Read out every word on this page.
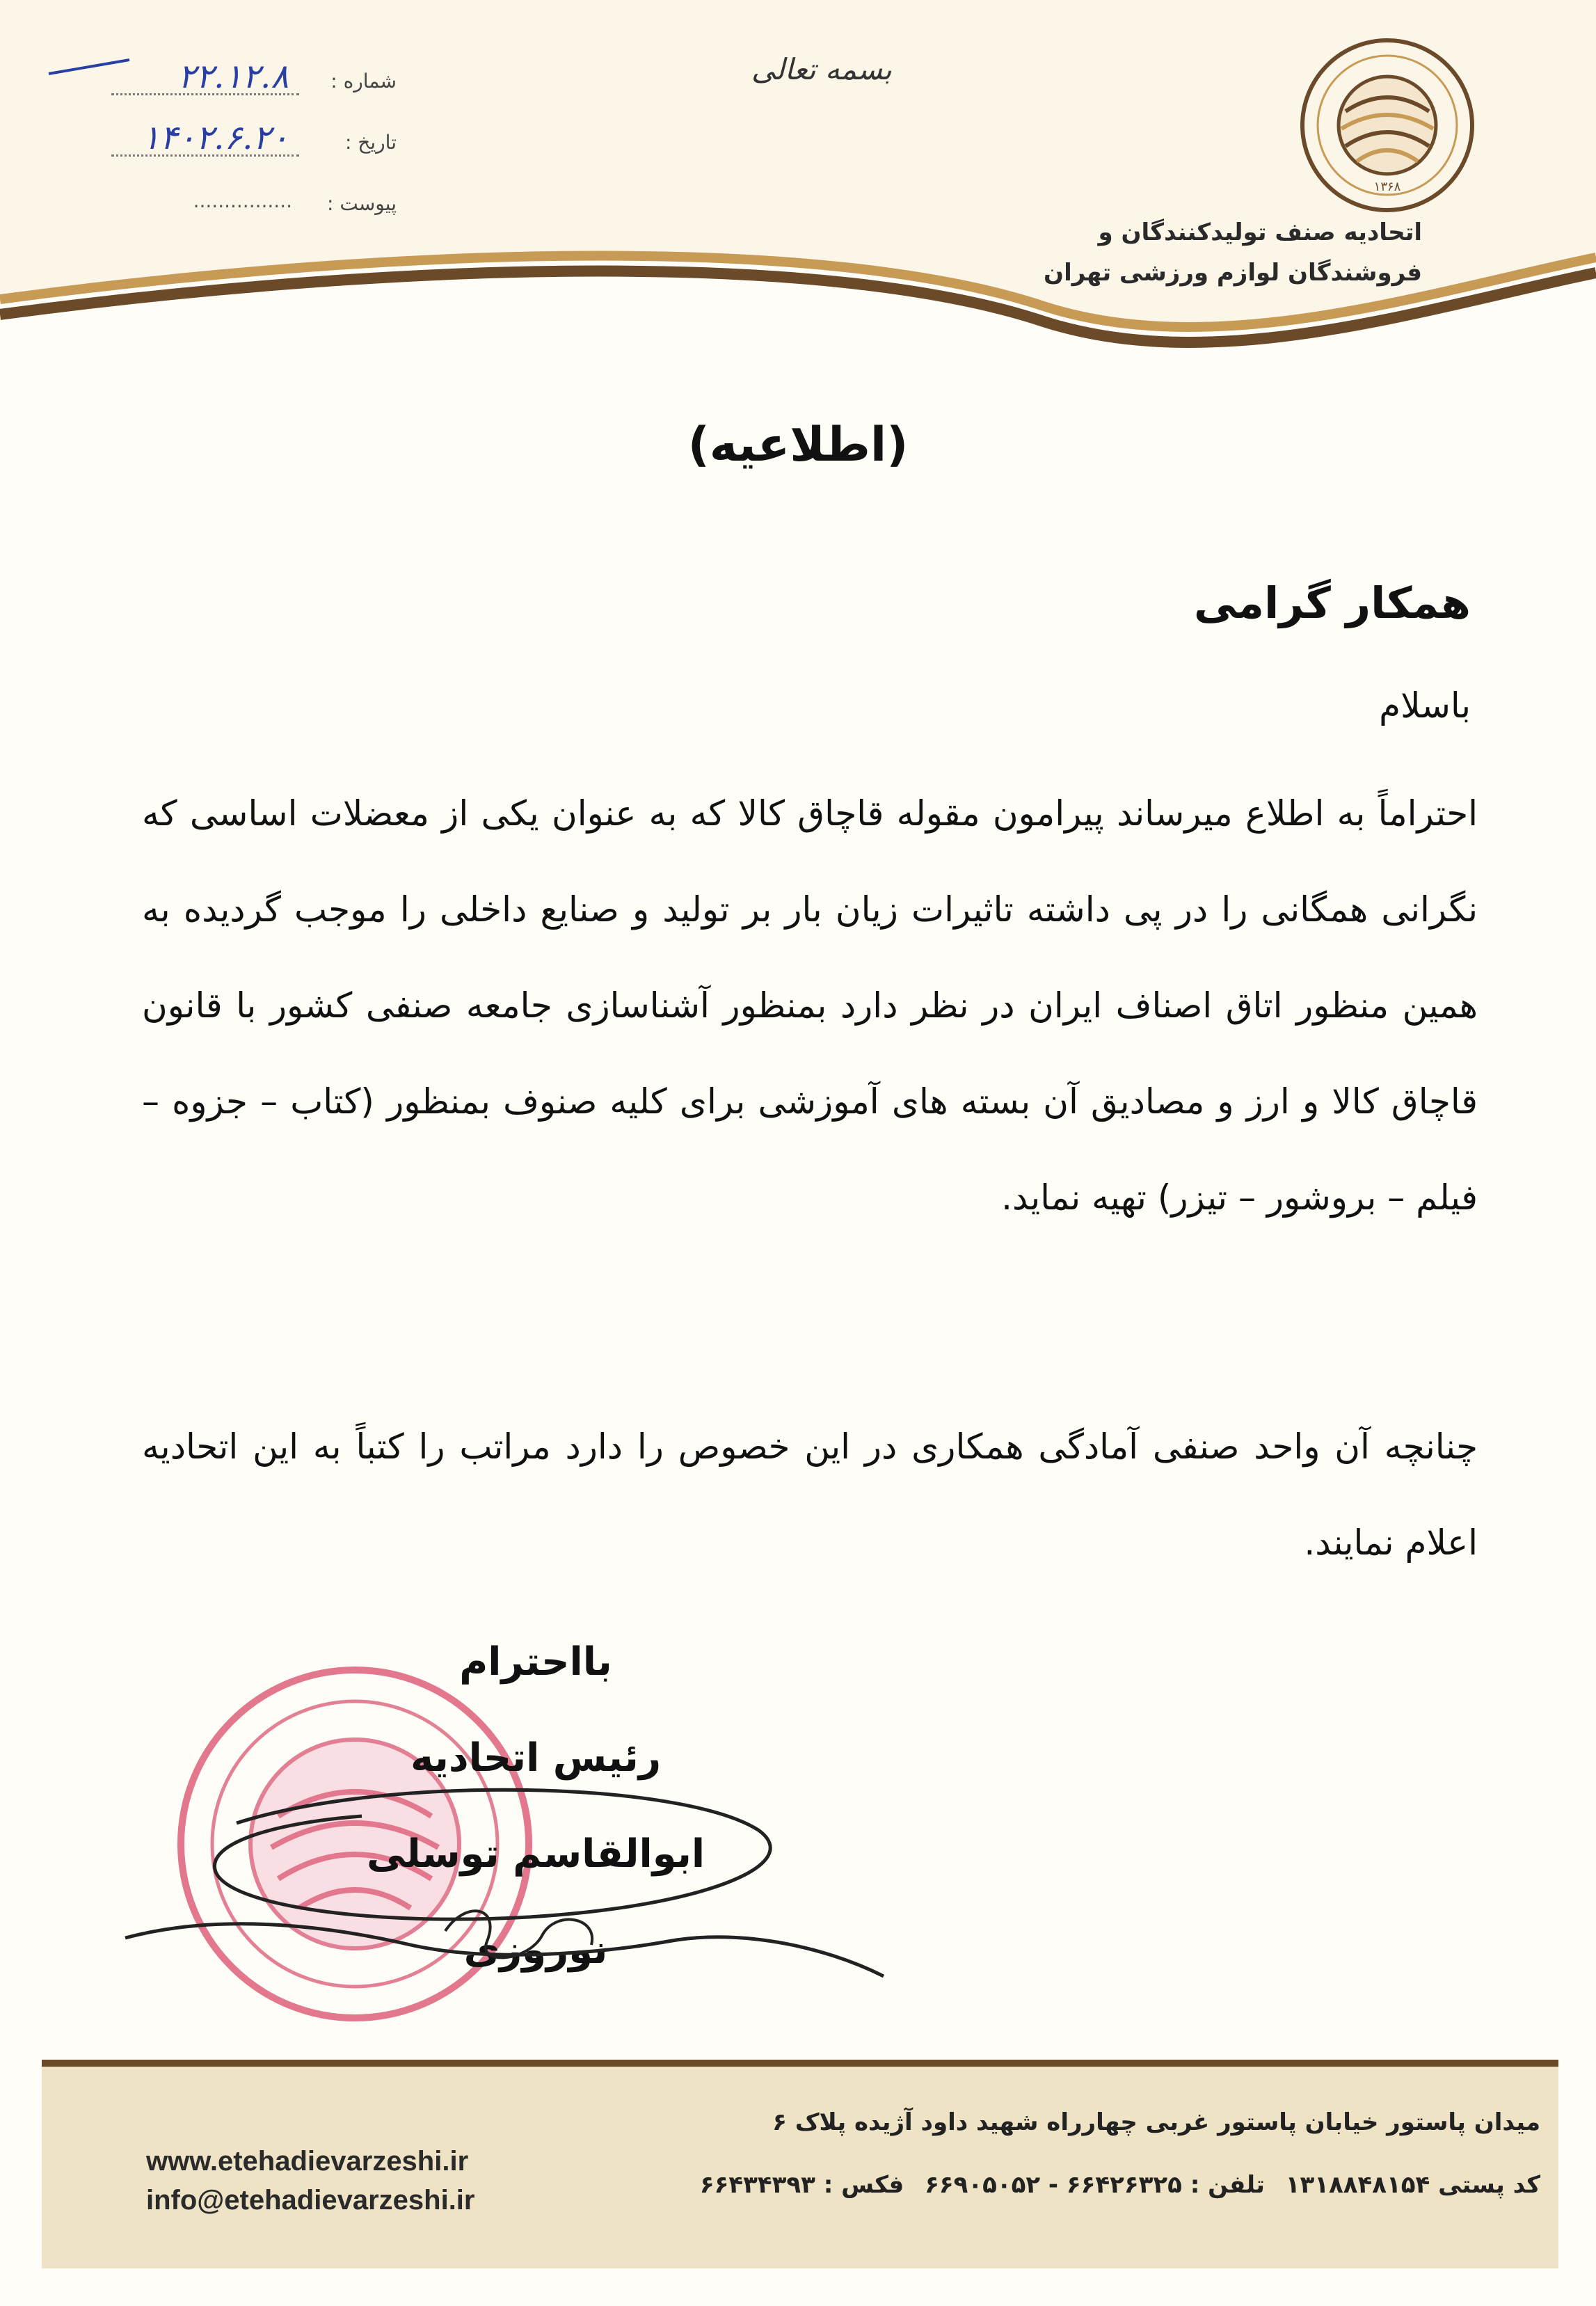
۱۳۶۸
اتحادیه صنف تولیدکنندگان و
فروشندگان لوازم ورزشی تهران
بسمه تعالی
شماره :
۲۲.۱۲.۸
تاریخ :
۱۴۰۲.۶.۲۰
پیوست :
................
(اطلاعیه)
همکار گرامی
باسلام

احتراماً به اطلاع میرساند پیرامون مقوله قاچاق کالا که به عنوان یکی از معضلات اساسی که نگرانی همگانی را در پی داشته تاثیرات زیان بار بر تولید و صنایع داخلی را موجب گردیده به همین منظور اتاق اصناف ایران در نظر دارد بمنظور آشناسازی جامعه صنفی کشور با قانون قاچاق کالا و ارز و مصادیق آن بسته های آموزشی برای کلیه صنوف بمنظور (کتاب – جزوه – فیلم – بروشور – تیزر) تهیه نماید.

چنانچه آن واحد صنفی آمادگی همکاری در این خصوص را دارد مراتب را کتباً به این اتحادیه اعلام نمایند.

بااحترام
رئیس اتحادیه
ابوالقاسم توسلی نوروزی
میدان پاستور خیابان پاستور غربی چهارراه شهید داود آژیده پلاک ۶
کد پستی ۱۳۱۸۸۴۸۱۵۴ تلفن : ۶۶۴۲۶۳۲۵ - ۶۶۹۰۵۰۵۲ فکس : ۶۶۴۳۴۳۹۳
www.etehadievarzeshi.ir
info@etehadievarzeshi.ir
